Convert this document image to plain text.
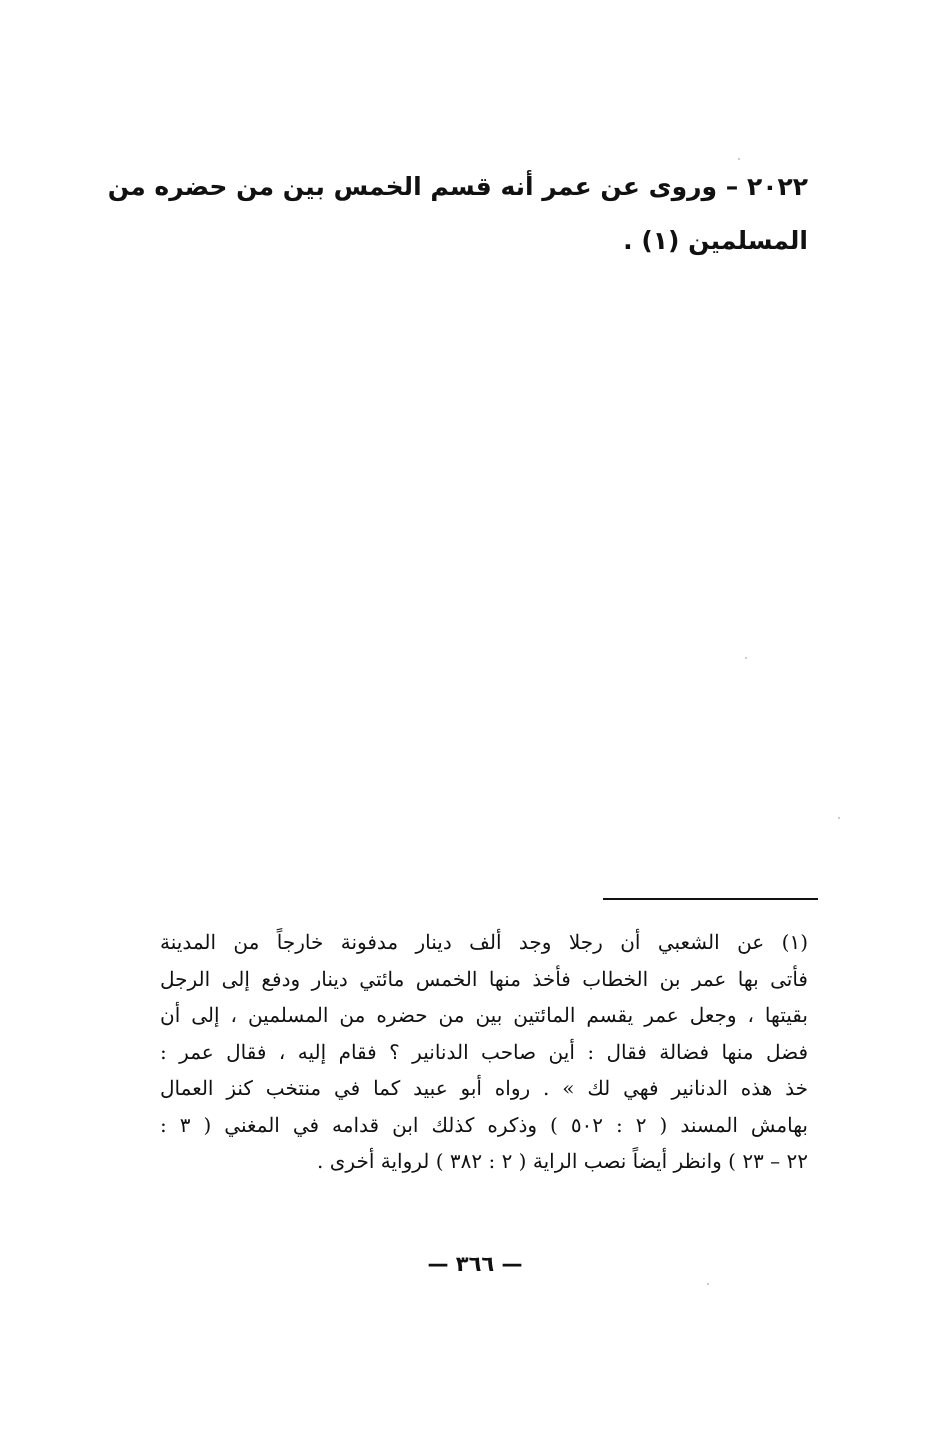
٢٠٢٢ – وروى عن عمر أنه قسم الخمس بين من حضره من
المسلمين (١) .
(١) عن الشعبي أن رجلا وجد ألف دينار مدفونة خارجاً من المدينة
فأتى بها عمر بن الخطاب فأخذ منها الخمس مائتي دينار ودفع إلى الرجل
بقيتها ، وجعل عمر يقسم المائتين بين من حضره من المسلمين ، إلى أن
فضل منها فضالة فقال : أين صاحب الدنانير ؟ فقام إليه ، فقال عمر :
خذ هذه الدنانير فهي لك » . رواه أبو عبيد كما في منتخب كنز العمال
بهامش المسند ( ٢ : ٥٠٢ ) وذكره كذلك ابن قدامه في المغني ( ٣ :
٢٢ – ٢٣ ) وانظر أيضاً نصب الراية ( ٢ : ٣٨٢ ) لرواية أخرى .
— ٣٦٦ —
